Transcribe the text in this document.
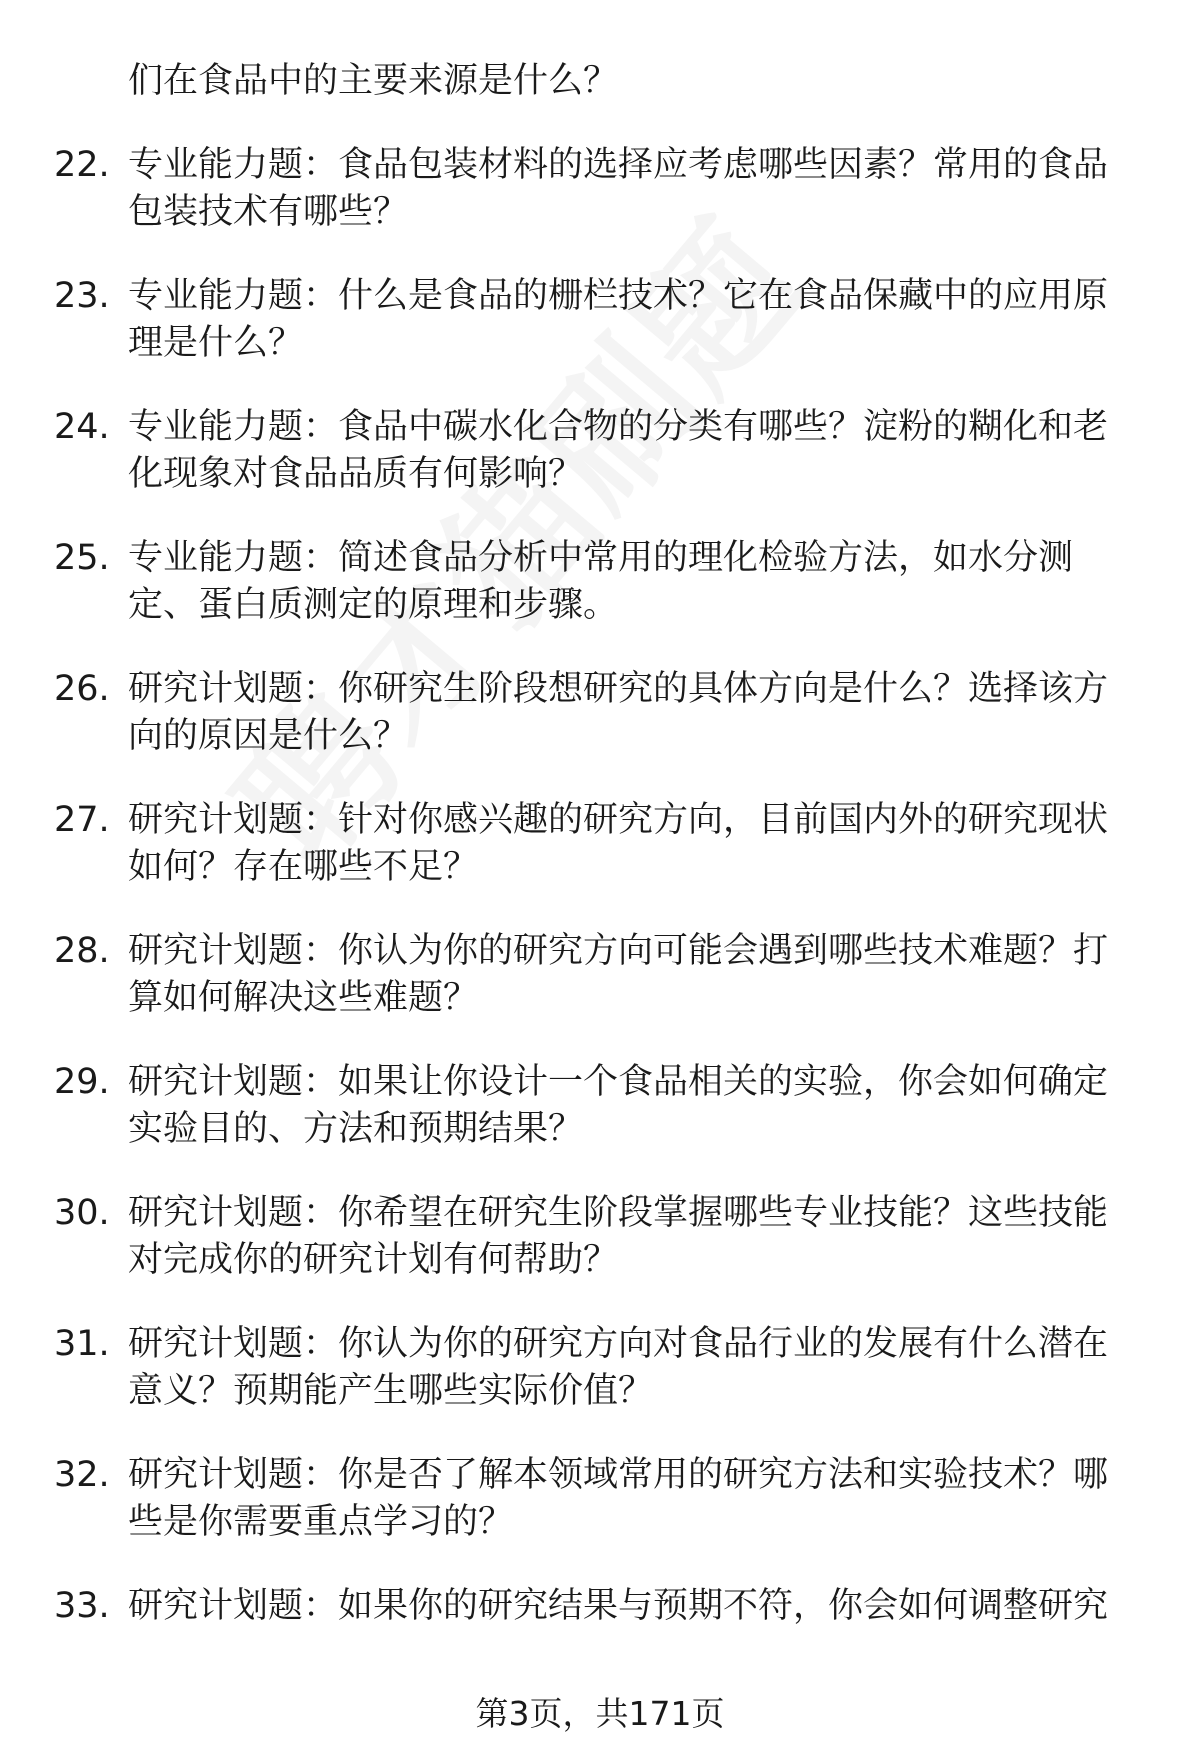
们在食品中的主要来源是什么？

22. 专业能力题：食品包装材料的选择应考虑哪些因素？常用的食品
包装技术有哪些？
23. 专业能力题：什么是食品的栅栏技术？它在食品保藏中的应用原
理是什么？
24. 专业能力题：食品中碳水化合物的分类有哪些？淀粉的糊化和老
化现象对食品品质有何影响？
25. 专业能力题：简述食品分析中常用的理化检验方法，如水分测
定、蛋白质测定的原理和步骤。
26. 研究计划题：你研究生阶段想研究的具体方向是什么？选择该方
向的原因是什么？
27. 研究计划题：针对你感兴趣的研究方向，目前国内外的研究现状
如何？存在哪些不足？
28. 研究计划题：你认为你的研究方向可能会遇到哪些技术难题？打
算如何解决这些难题？
29. 研究计划题：如果让你设计一个食品相关的实验，你会如何确定
实验目的、方法和预期结果？
30. 研究计划题：你希望在研究生阶段掌握哪些专业技能？这些技能
对完成你的研究计划有何帮助？
31. 研究计划题：你认为你的研究方向对食品行业的发展有什么潜在
意义？预期能产生哪些实际价值？
32. 研究计划题：你是否了解本领域常用的研究方法和实验技术？哪
些是你需要重点学习的？
33. 研究计划题：如果你的研究结果与预期不符，你会如何调整研究
第3页，共171页
